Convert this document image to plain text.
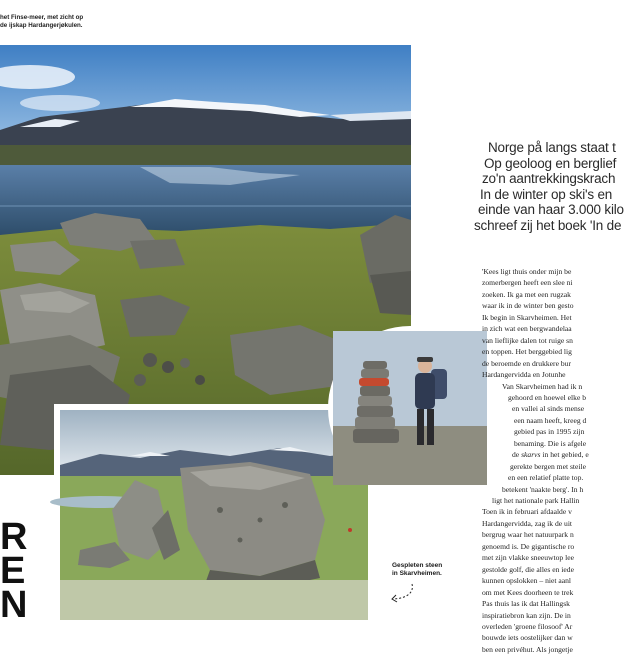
het Finse-meer, met zicht op
de ijskap Hardangerjøkulen.
R
E
N
Gespleten steen
in Skarvheimen.
Norge på langs staat t
Op geoloog en berglief
zo'n aantrekkingskrach
In de winter op ski's en
einde van haar 3.000 kilo
schreef zij het boek 'In de
'Kees ligt thuis onder mijn be
zomerbergen heeft een slee ni
zoeken. Ik ga met een rugzak
waar ik in de winter ben gesto
Ik begin in Skarvheimen. Het
in zich wat een bergwandelaa
van lieflijke dalen tot ruige sn
en toppen. Het berggebied lig
de beroemde en drukkere bur
Hardangervidda en Jotunhe
Van Skarvheimen had ik n
gehoord en hoewel elke b
en vallei al sinds mense
een naam heeft, kreeg d
gebied pas in 1995 zijn
benaming. Die is afgele
de skarvs in het gebied, e
gerekte bergen met steile
en een relatief platte top.
betekent 'naakte berg'. In h
ligt het nationale park Hallin
Toen ik in februari afdaalde v
Hardangervidda, zag ik de uit
bergrug waar het natuurpark n
genoemd is. De gigantische ro
met zijn vlakke sneeuwtop lee
gestolde golf, die alles en iede
kunnen opslokken – niet aanl
om met Kees doorheen te trek
Pas thuis las ik dat Hallingsk
inspiratiebron kan zijn. De in
overleden 'groene filosoof' Ar
bouwde iets oostelijker dan w
ben een privéhut. Als jongetje
